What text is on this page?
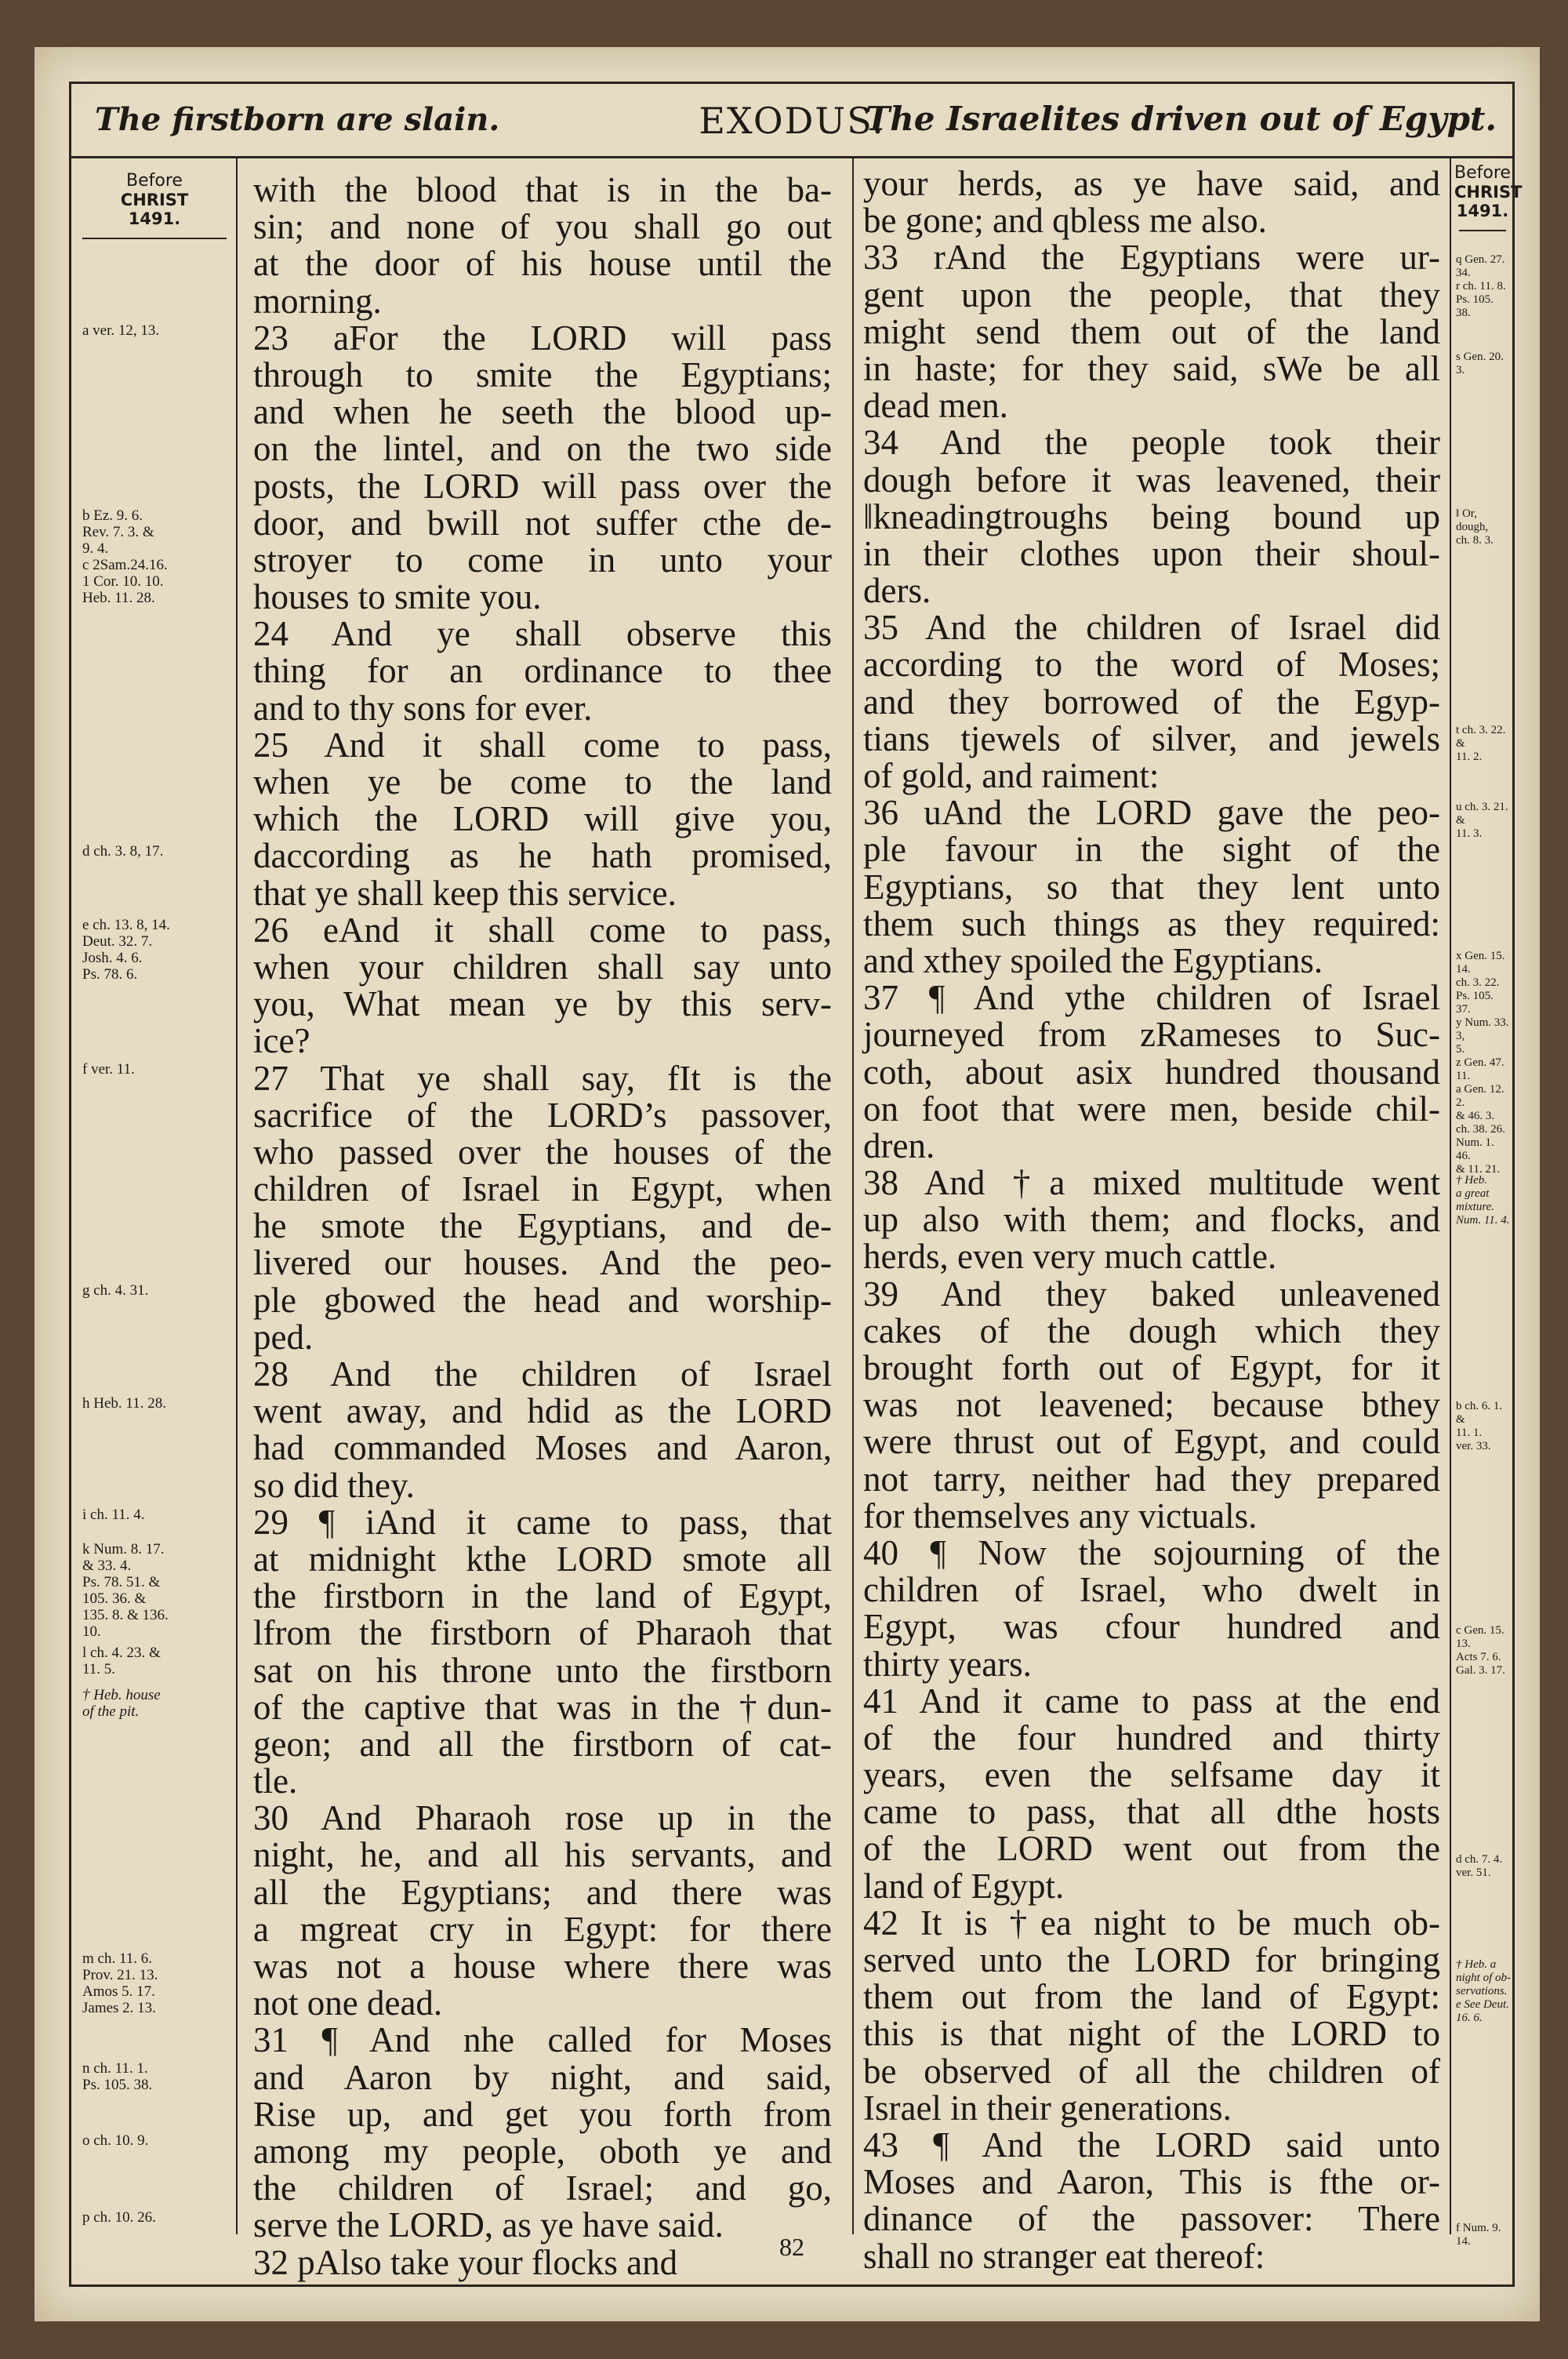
The firstborn are slain.	EXODUS.
The Israelites driven out of Egypt.
Before
CHRIST
1491.
Before
CHRIST
1491.
a ver. 12, 13.
b Ez. 9. 6.
Rev. 7. 3. &
9. 4.
c 2Sam.24.16.
1 Cor. 10. 10.
Heb. 11. 28.
d ch. 3. 8, 17.
e ch. 13. 8, 14.
Deut. 32. 7.
Josh. 4. 6.
Ps. 78. 6.
f ver. 11.
g ch. 4. 31.
h Heb. 11. 28.
i ch. 11. 4.
k Num. 8. 17.
& 33. 4.
Ps. 78. 51. &
105. 36. &
135. 8. & 136.
10.
l ch. 4. 23. &
11. 5.
† Heb. house
of the pit.
m ch. 11. 6.
Prov. 21. 13.
Amos 5. 17.
James 2. 13.
n ch. 11. 1.
Ps. 105. 38.
o ch. 10. 9.
p ch. 10. 26.
q Gen. 27. 34.
r ch. 11. 8.
Ps. 105. 38.
s Gen. 20. 3.
‖ Or, dough,
ch. 8. 3.
t ch. 3. 22. &
11. 2.
u ch. 3. 21. &
11. 3.
x Gen. 15. 14.
ch. 3. 22.
Ps. 105. 37.
y Num. 33. 3,
5.
z Gen. 47. 11.
a Gen. 12. 2.
& 46. 3.
ch. 38. 26.
Num. 1. 46.
& 11. 21.
† Heb.
a great
mixture.
Num. 11. 4.
b ch. 6. 1. &
11. 1.
ver. 33.
c Gen. 15. 13.
Acts 7. 6.
Gal. 3. 17.
d ch. 7. 4.
ver. 51.
† Heb. a
night of ob-
servations.
e See Deut.
16. 6.
f Num. 9. 14.
with the blood that is in the ba-
sin; and none of you shall go out
at the door of his house until the
morning.
23 aFor the LORD will pass
through to smite the Egyptians;
and when he seeth the blood up-
on the lintel, and on the two side
posts, the LORD will pass over the
door, and bwill not suffer cthe de-
stroyer to come in unto your
houses to smite you.
24 And ye shall observe this
thing for an ordinance to thee
and to thy sons for ever.
25 And it shall come to pass,
when ye be come to the land
which the LORD will give you,
daccording as he hath promised,
that ye shall keep this service.
26 eAnd it shall come to pass,
when your children shall say unto
you, What mean ye by this serv-
ice?
27 That ye shall say, fIt is the
sacrifice of the LORD’s passover,
who passed over the houses of the
children of Israel in Egypt, when
he smote the Egyptians, and de-
livered our houses. And the peo-
ple gbowed the head and worship-
ped.
28 And the children of Israel
went away, and hdid as the LORD
had commanded Moses and Aaron,
so did they.
29 ¶ iAnd it came to pass, that
at midnight kthe LORD smote all
the firstborn in the land of Egypt,
lfrom the firstborn of Pharaoh that
sat on his throne unto the firstborn
of the captive that was in the †dun-
geon; and all the firstborn of cat-
tle.
30 And Pharaoh rose up in the
night, he, and all his servants, and
all the Egyptians; and there was
a mgreat cry in Egypt: for there
was not a house where there was
not one dead.
31 ¶ And nhe called for Moses
and Aaron by night, and said,
Rise up, and get you forth from
among my people, oboth ye and
the children of Israel; and go,
serve the LORD, as ye have said.
32 pAlso take your flocks and
your herds, as ye have said, and
be gone; and qbless me also.
33 rAnd the Egyptians were ur-
gent upon the people, that they
might send them out of the land
in haste; for they said, sWe be all
dead men.
34 And the people took their
dough before it was leavened, their
‖kneadingtroughs being bound up
in their clothes upon their shoul-
ders.
35 And the children of Israel did
according to the word of Moses;
and they borrowed of the Egyp-
tians tjewels of silver, and jewels
of gold, and raiment:
36 uAnd the LORD gave the peo-
ple favour in the sight of the
Egyptians, so that they lent unto
them such things as they required:
and xthey spoiled the Egyptians.
37 ¶ And ythe children of Israel
journeyed from zRameses to Suc-
coth, about asix hundred thousand
on foot that were men, beside chil-
dren.
38 And †a mixed multitude went
up also with them; and flocks, and
herds, even very much cattle.
39 And they baked unleavened
cakes of the dough which they
brought forth out of Egypt, for it
was not leavened; because bthey
were thrust out of Egypt, and could
not tarry, neither had they prepared
for themselves any victuals.
40 ¶ Now the sojourning of the
children of Israel, who dwelt in
Egypt, was cfour hundred and
thirty years.
41 And it came to pass at the end
of the four hundred and thirty
years, even the selfsame day it
came to pass, that all dthe hosts
of the LORD went out from the
land of Egypt.
42 It is †ea night to be much ob-
served unto the LORD for bringing
them out from the land of Egypt:
this is that night of the LORD to
be observed of all the children of
Israel in their generations.
43 ¶ And the LORD said unto
Moses and Aaron, This is fthe or-
dinance of the passover: There
shall no stranger eat thereof:
82
